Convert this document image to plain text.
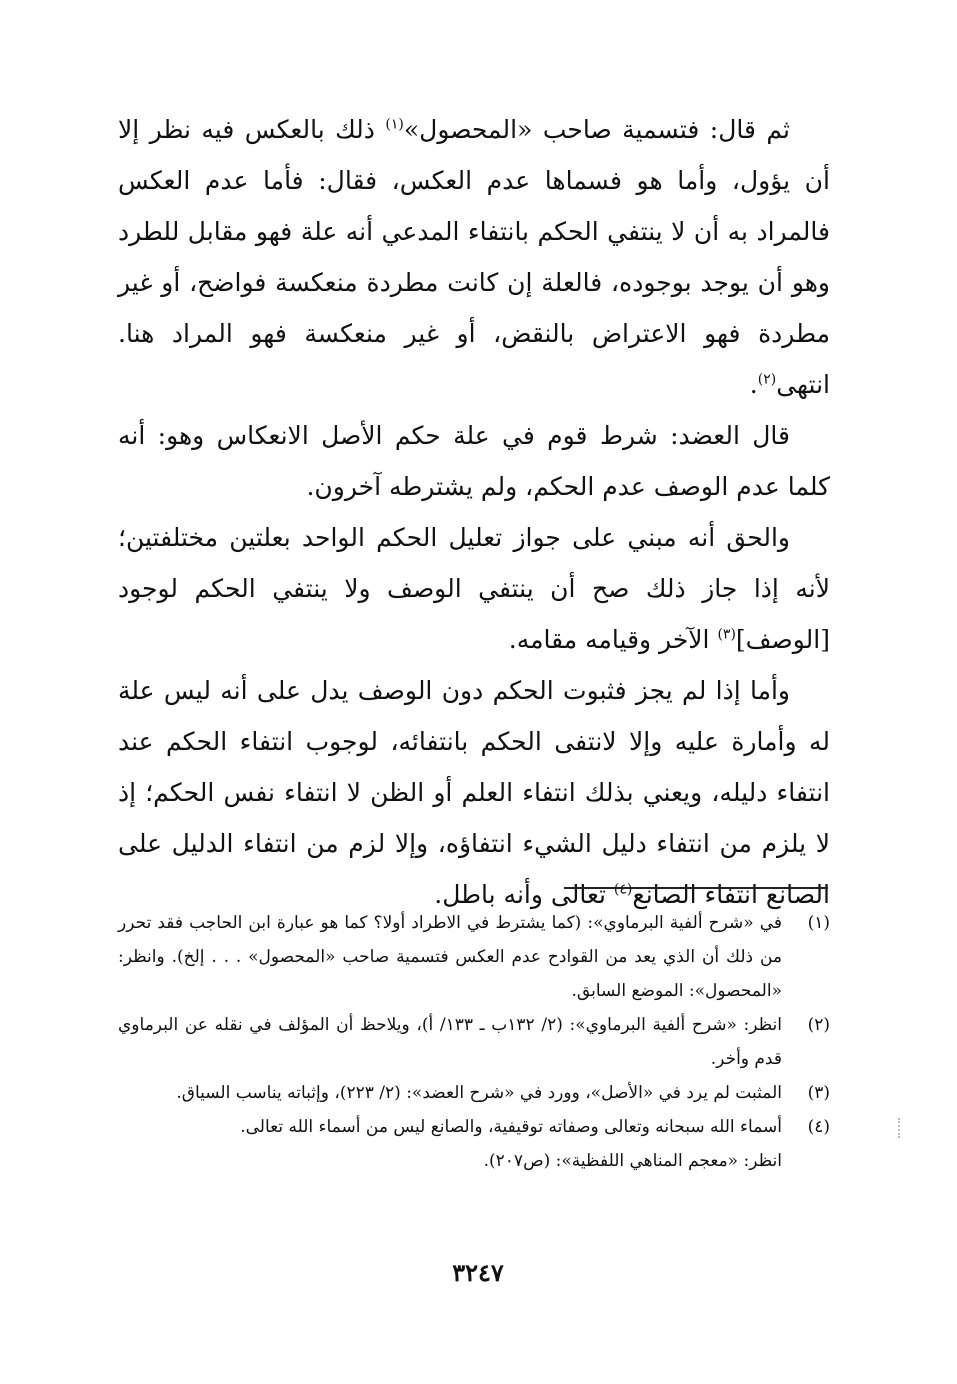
ثم قال: فتسمية صاحب «المحصول»$^{(١)}$ ذلك بالعكس فيه نظر إلا أن يؤول، وأما هو فسماها عدم العكس، فقال: فأما عدم العكس فالمراد به أن لا ينتفي الحكم بانتفاء المدعي أنه علة فهو مقابل للطرد وهو أن يوجد بوجوده، فالعلة إن كانت مطردة منعكسة فواضح، أو غير مطردة فهو الاعتراض بالنقض، أو غير منعكسة فهو المراد هنا. انتهى$^{(٢)}$.

قال العضد: شرط قوم في علة حكم الأصل الانعكاس وهو: أنه كلما عدم الوصف عدم الحكم، ولم يشترطه آخرون.

والحق أنه مبني على جواز تعليل الحكم الواحد بعلتين مختلفتين؛ لأنه إذا جاز ذلك صح أن ينتفي الوصف ولا ينتفي الحكم لوجود [الوصف]$^{(٣)}$ الآخر وقيامه مقامه.

وأما إذا لم يجز فثبوت الحكم دون الوصف يدل على أنه ليس علة له وأمارة عليه وإلا لانتفى الحكم بانتفائه، لوجوب انتفاء الحكم عند انتفاء دليله، ويعني بذلك انتفاء العلم أو الظن لا انتفاء نفس الحكم؛ إذ لا يلزم من انتفاء دليل الشيء انتفاؤه، وإلا لزم من انتفاء الدليل على الصانع انتفاء الصانع$^{(٤)}$ تعالى وأنه باطل.

(١)

في «شرح ألفية البرماوي»: (كما يشترط في الاطراد أولا؟ كما هو عبارة ابن الحاجب فقد تحرر من ذلك أن الذي يعد من القوادح عدم العكس فتسمية صاحب «المحصول» . . . إلخ). وانظر: «المحصول»: الموضع السابق.

(٢)

انظر: «شرح ألفية البرماوي»: (٢/ ١٣٢ب ـ ١٣٣/ أ)، ويلاحظ أن المؤلف في نقله عن البرماوي قدم وأخر.

(٣)

المثبت لم يرد في «الأصل»، وورد في «شرح العضد»: (٢/ ٢٢٣)، وإثباته يناسب السياق.

(٤)

أسماء الله سبحانه وتعالى وصفاته توقيفية، والصانع ليس من أسماء الله تعالى.

انظر: «معجم المناهي اللفظية»: (ص٢٠٧).

٣٢٤٧
